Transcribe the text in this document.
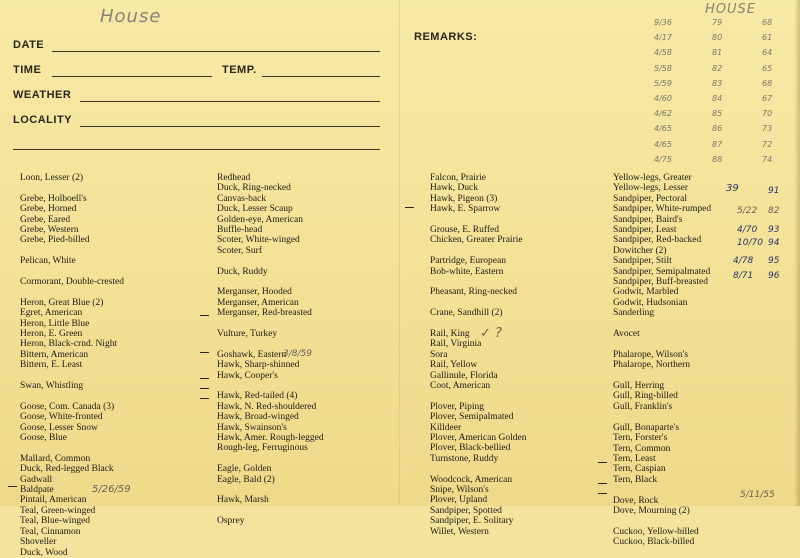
House	HOUSE
DATE
TIME	TEMP.
WEATHER
LOCALITY
REMARKS:
9/36	79	68
4/17	80	61
4/58	81	64
5/58	82	65
5/59	83	68
4/60	84	67
4/62	85	70
4/65	86	73
4/65	87	72
4/75	88	74
Loon, Lesser (2)
Grebe, Holboell's
Grebe, Horned
Grebe, Eared
Grebe, Western
Grebe, Pied-billed
Pelican, White
Cormorant, Double-crested
Heron, Great Blue (2)
Egret, American
Heron, Little Blue
Heron, E. Green
Heron, Black-crnd. Night
Bittern, American
Bittern, E. Least
Swan, Whistling
Goose, Com. Canada (3)
Goose, White-fronted
Goose, Lesser Snow
Goose, Blue
Mallard, Common
Duck, Red-legged Black
Gadwall
Baldpate
Pintail, American
Teal, Green-winged
Teal, Blue-winged
Teal, Cinnamon
Shoveller
Duck, Wood
Redhead
Duck, Ring-necked
Canvas-back
Duck, Lesser Scaup
Golden-eye, American
Buffle-head
Scoter, White-winged
Scoter, Surf
Duck, Ruddy
Merganser, Hooded
Merganser, American
Merganser, Red-breasted
Vulture, Turkey
Goshawk, Eastern
Hawk, Sharp-shinned
Hawk, Cooper's
Hawk, Red-tailed (4)
Hawk, N. Red-shouldered
Hawk, Broad-winged
Hawk, Swainson's
Hawk, Amer. Rough-legged
Rough-leg, Ferruginous
Eagle, Golden
Eagle, Bald (2)
Hawk, Marsh
Osprey
Falcon, Prairie
Hawk, Duck
Hawk, Pigeon (3)
Hawk, E. Sparrow
Grouse, E. Ruffed
Chicken, Greater Prairie
Partridge, European
Bob-white, Eastern
Pheasant, Ring-necked
Crane, Sandhill (2)
Rail, King
Rail, Virginia
Sora
Rail, Yellow
Gallinule, Florida
Coot, American
Plover, Piping
Plover, Semipalmated
Killdeer
Plover, American Golden
Plover, Black-bellied
Turnstone, Ruddy
Woodcock, American
Snipe, Wilson's
Plover, Upland
Sandpiper, Spotted
Sandpiper, E. Solitary
Willet, Western
Yellow-legs, Greater
Yellow-legs, Lesser
Sandpiper, Pectoral
Sandpiper, White-rumped
Sandpiper, Baird's
Sandpiper, Least
Sandpiper, Red-backed
Dowitcher (2)
Sandpiper, Stilt
Sandpiper, Semipalmated
Sandpiper, Buff-breasted
Godwit, Marbled
Godwit, Hudsonian
Sanderling
Avocet
Phalarope, Wilson's
Phalarope, Northern
Gull, Herring
Gull, Ring-billed
Gull, Franklin's
Gull, Bonaparte's
Tern, Forster's
Tern, Common
Tern, Least
Tern, Caspian
Tern, Black
Dove, Rock
Dove, Mourning (2)
Cuckoo, Yellow-billed
Cuckoo, Black-billed
3/8/59
5/26/59	5/11/55
✓ ?
39	91
5/22 82
4/70 93
10/70 94
4/78 95
8/71 96
